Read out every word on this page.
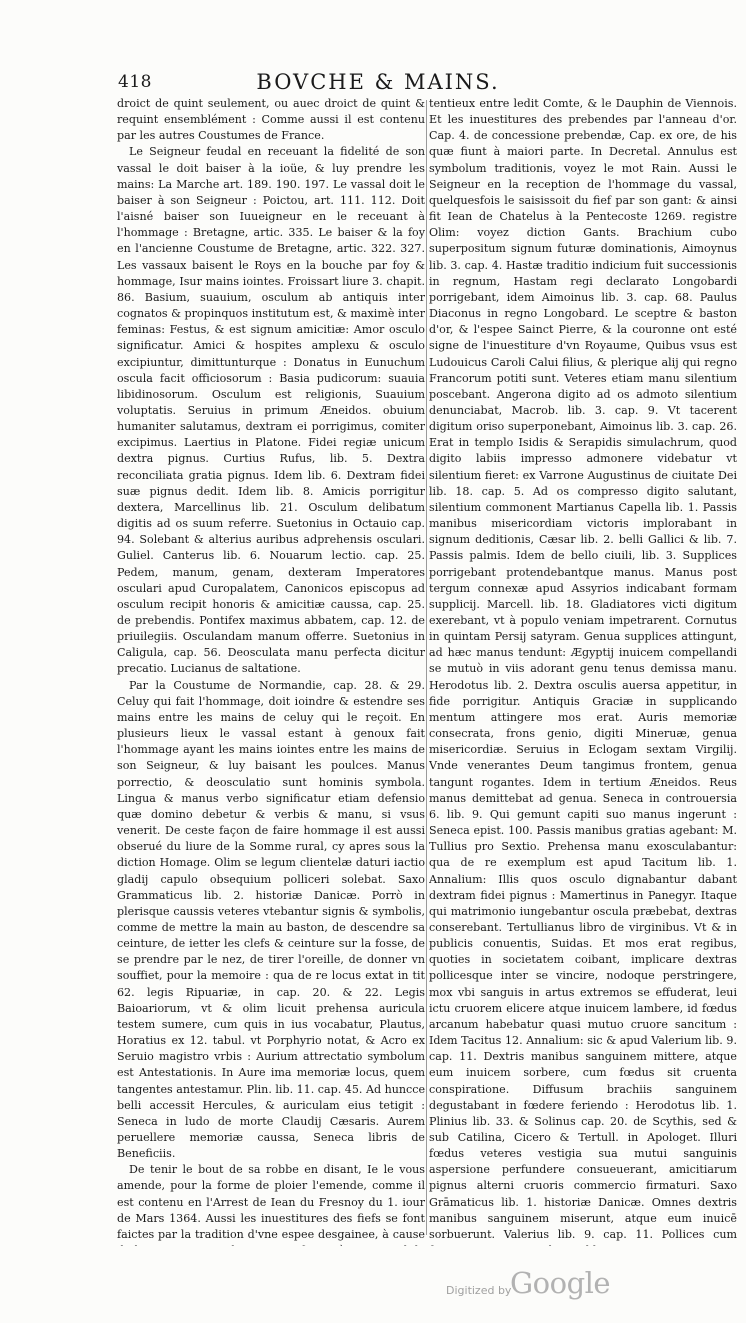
418	BOVCHE & MAINS.

droict de quint seulement, ou auec droict de quint & requint ensemblément : Comme aussi il est contenu par les autres Coustumes de France.

Le Seigneur feudal en receuant la fidelité de son vassal le doit baiser à la ioüe, & luy prendre les mains: La Marche art. 189. 190. 197. Le vassal doit le baiser à son Seigneur : Poictou, art. 111. 112. Doit l'aisné baiser son Iuueigneur en le receuant à l'hommage : Bretagne, artic. 335. Le baiser & la foy en l'ancienne Coustume de Bretagne, artic. 322. 327. Les vassaux baisent le Roys en la bouche par foy & hommage, Isur mains iointes. Froissart liure 3. chapit. 86. Basium, suauium, osculum ab antiquis inter cognatos & propinquos institutum est, & maximè inter feminas: Festus, & est signum amicitiæ: Amor osculo significatur. Amici & hospites amplexu & osculo excipiuntur, dimittunturque : Donatus in Eunuchum oscula facit officiosorum : Basia pudicorum: suauia libidinosorum. Osculum est religionis, Suauium voluptatis. Seruius in primum Æneidos. obuium humaniter salutamus, dextram ei porrigimus, comiter excipimus. Laertius in Platone. Fidei regiæ unicum dextra pignus. Curtius Rufus, lib. 5. Dextra reconciliata gratia pignus. Idem lib. 6. Dextram fidei suæ pignus dedit. Idem lib. 8. Amicis porrigitur dextera, Marcellinus lib. 21. Osculum delibatum digitis ad os suum referre. Suetonius in Octauio cap. 94. Solebant & alterius auribus adprehensis osculari. Guliel. Canterus lib. 6. Nouarum lectio. cap. 25. Pedem, manum, genam, dexteram Imperatores osculari apud Curopalatem, Canonicos episcopus ad osculum recipit honoris & amicitiæ caussa, cap. 25. de prebendis. Pontifex maximus abbatem, cap. 12. de priuilegiis. Osculandam manum offerre. Suetonius in Caligula, cap. 56. Deosculata manu perfecta dicitur precatio. Lucianus de saltatione.

Par la Coustume de Normandie, cap. 28. & 29. Celuy qui fait l'hommage, doit ioindre & estendre ses mains entre les mains de celuy qui le reçoit. En plusieurs lieux le vassal estant à genoux fait l'hommage ayant les mains iointes entre les mains de son Seigneur, & luy baisant les poulces. Manus porrectio, & deosculatio sunt hominis symbola. Lingua & manus verbo significatur etiam defensio quæ domino debetur & verbis & manu, si vsus venerit. De ceste façon de faire hommage il est aussi obserué du liure de la Somme rural, cy apres sous la diction Homage. Olim se legum clientelæ daturi iactio gladij capulo obsequium polliceri solebat. Saxo Grammaticus lib. 2. historiæ Danicæ. Porrò in plerisque caussis veteres vtebantur signis & symbolis, comme de mettre la main au baston, de descendre sa ceinture, de ietter les clefs & ceinture sur la fosse, de se prendre par le nez, de tirer l'oreille, de donner vn souffiet, pour la memoire : qua de re locus extat in tit 62. legis Ripuariæ, in cap. 20. & 22. Legis Baioariorum, vt & olim licuit prehensa auricula testem sumere, cum quis in ius vocabatur, Plautus, Horatius ex 12. tabul. vt Porphyrio notat, & Acro ex Seruio magistro vrbis : Aurium attrectatio symbolum est Antestationis. In Aure ima memoriæ locus, quem tangentes antestamur. Plin. lib. 11. cap. 45. Ad huncce belli accessit Hercules, & auriculam eius tetigit : Seneca in ludo de morte Claudij Cæsaris. Aurem peruellere memoriæ caussa, Seneca libris de Beneficiis.

De tenir le bout de sa robbe en disant, Ie le vous amende, pour la forme de ploier l'emende, comme il est contenu en l'Arrest de Iean du Fresnoy du 1. iour de Mars 1364. Aussi les inuestitures des fiefs se font faictes par la tradition d'vne espee desgainee, à cause

tentieux entre ledit Comte, & le Dauphin de Viennois. Et les inuestitures des prebendes par l'anneau d'or. Cap. 4. de concessione prebendæ, Cap. ex ore, de his quæ fiunt à maiori parte. In Decretal. Annulus est symbolum traditionis, voyez le mot Rain. Aussi le Seigneur en la reception de l'hommage du vassal, quelquesfois le saisissoit du fief par son gant: & ainsi fit Iean de Chatelus à la Pentecoste 1269. registre Olim: voyez diction Gants. Brachium cubo superpositum signum futuræ dominationis, Aimoynus lib. 3. cap. 4. Hastæ traditio indicium fuit successionis in regnum, Hastam regi declarato Longobardi porrigebant, idem Aimoinus lib. 3. cap. 68. Paulus Diaconus in regno Longobard. Le sceptre & baston d'or, & l'espee Sainct Pierre, & la couronne ont esté signe de l'inuestiture d'vn Royaume, Quibus vsus est Ludouicus Caroli Calui filius, & plerique alij qui regno Francorum potiti sunt. Veteres etiam manu silentium poscebant. Angerona digito ad os admoto silentium denunciabat, Macrob. lib. 3. cap. 9. Vt tacerent digitum oriso superponebant, Aimoinus lib. 3. cap. 26. Erat in templo Isidis & Serapidis simulachrum, quod digito labiis impresso admonere videbatur vt silentium fieret: ex Varrone Augustinus de ciuitate Dei lib. 18. cap. 5. Ad os compresso digito salutant, silentium commonent Martianus Capella lib. 1. Passis manibus misericordiam victoris implorabant in signum deditionis, Cæsar lib. 2. belli Gallici & lib. 7. Passis palmis. Idem de bello ciuili, lib. 3. Supplices porrigebant protendebantque manus. Manus post tergum connexæ apud Assyrios indicabant formam supplicij. Marcell. lib. 18. Gladiatores victi digitum exerebant, vt à populo veniam impetrarent. Cornutus in quintam Persij satyram. Genua supplices attingunt, ad hæc manus tendunt: Ægyptij inuicem compellandi se mutuò in viis adorant genu tenus demissa manu. Herodotus lib. 2. Dextra osculis auersa appetitur, in fide porrigitur. Antiquis Graciæ in supplicando mentum attingere mos erat. Auris memoriæ consecrata, frons genio, digiti Mineruæ, genua misericordiæ. Seruius in Eclogam sextam Virgilij. Vnde venerantes Deum tangimus frontem, genua tangunt rogantes. Idem in tertium Æneidos. Reus manus demittebat ad genua. Seneca in controuersia 6. lib. 9. Qui gemunt capiti suo manus ingerunt : Seneca epist. 100. Passis manibus gratias agebant: M. Tullius pro Sextio. Prehensa manu exosculabantur: qua de re exemplum est apud Tacitum lib. 1. Annalium: Illis quos osculo dignabantur dabant dextram fidei pignus : Mamertinus in Panegyr. Itaque qui matrimonio iungebantur oscula præbebat, dextras conserebant. Tertullianus libro de virginibus. Vt & in publicis conuentis, Suidas. Et mos erat regibus, quoties in societatem coibant, implicare dextras pollicesque inter se vincire, nodoque perstringere, mox vbi sanguis in artus extremos se effuderat, leui ictu cruorem elicere atque inuicem lambere, id fœdus arcanum habebatur quasi mutuo cruore sancitum : Idem Tacitus 12. Annalium: sic & apud Valerium lib. 9. cap. 11. Dextris manibus sanguinem mittere, atque eum inuicem sorbere, cum fœdus sit cruenta conspiratione. Diffusum brachiis sanguinem degustabant in fœdere feriendo : Herodotus lib. 1. Plinius lib. 33. & Solinus cap. 20. de Scythis, sed & sub Catilina, Cicero & Tertull. in Apologet. Illuri fœdus veteres vestigia sua mutui sanguinis aspersione perfundere consueuerant, amicitiarum pignus alterni cruoris commercio firmaturi. Saxo Grāmaticus lib. 1. historiæ Danicæ. Omnes dextris manibus sanguinem miserunt, atque eum inuicē sorbuerunt. Valerius lib. 9. cap. 11. Pollices cum

Digitized by
Google
